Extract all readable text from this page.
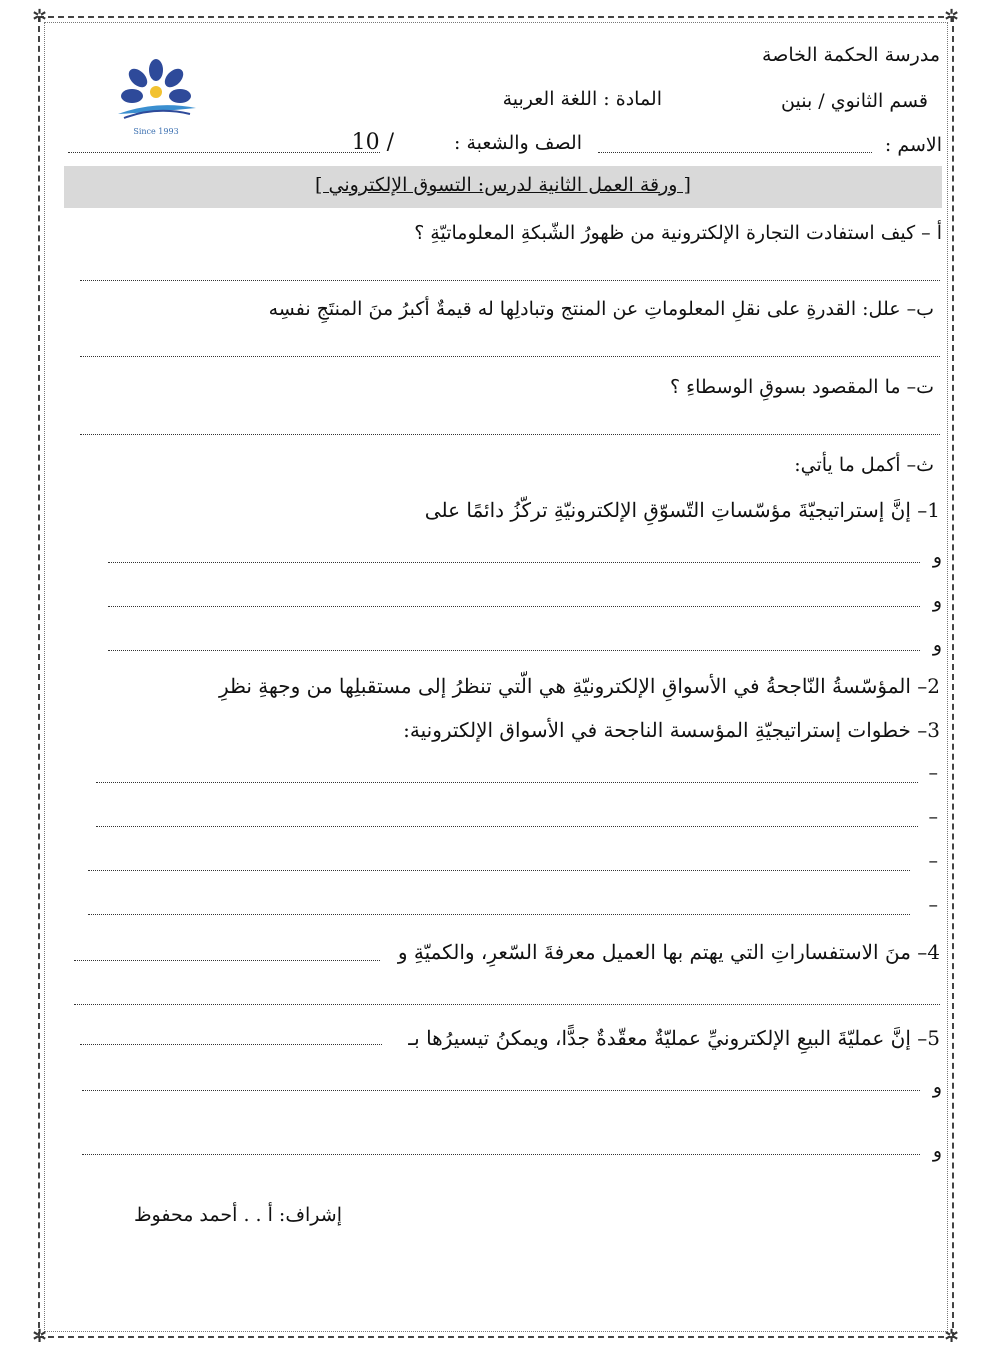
✲	✲
✲	✲
Since 1993
مدرسة الحكمة الخاصة
قسم الثانوي / بنين
المادة : اللغة العربية
الاسم :
الصف والشعبة :
10 /
[ ورقة العمل الثانية لدرس: التسوق الإلكتروني ]
أ – كيف استفادت التجارة الإلكترونية من ظهورُ الشّبكةِ المعلوماتيّةِ ؟
ب– علل: القدرةِ على نقلِ المعلوماتِ عن المنتج وتبادلِها له قيمةٌ أكبرُ منَ المنتَجِ نفسِه
ت– ما المقصود بسوقِ الوسطاءِ ؟
ث– أكمل ما يأتي:
1– إنَّ إستراتيجيّةَ مؤسّساتِ التّسوّقِ الإلكترونيّةِ تركّزُ دائمًا على
و
و
و
2– المؤسّسةُ النّاجحةُ في الأسواقِ الإلكترونيّةِ هي الّتي تنظرُ إلى مستقبلِها من وجهةِ نظرِ
3– خطوات إستراتيجيّةِ المؤسسة الناجحة في الأسواق الإلكترونية:
–
–
–
–
4– منَ الاستفساراتِ التي يهتم بها العميل معرفةَ السّعرِ، والكميّةِ و
5– إنَّ عمليّةَ البيعِ الإلكترونيِّ عمليّةٌ معقّدةٌ جدًّا، ويمكنُ تيسيرُها بـ
و
و
إشراف: أ . . أحمد محفوظ
